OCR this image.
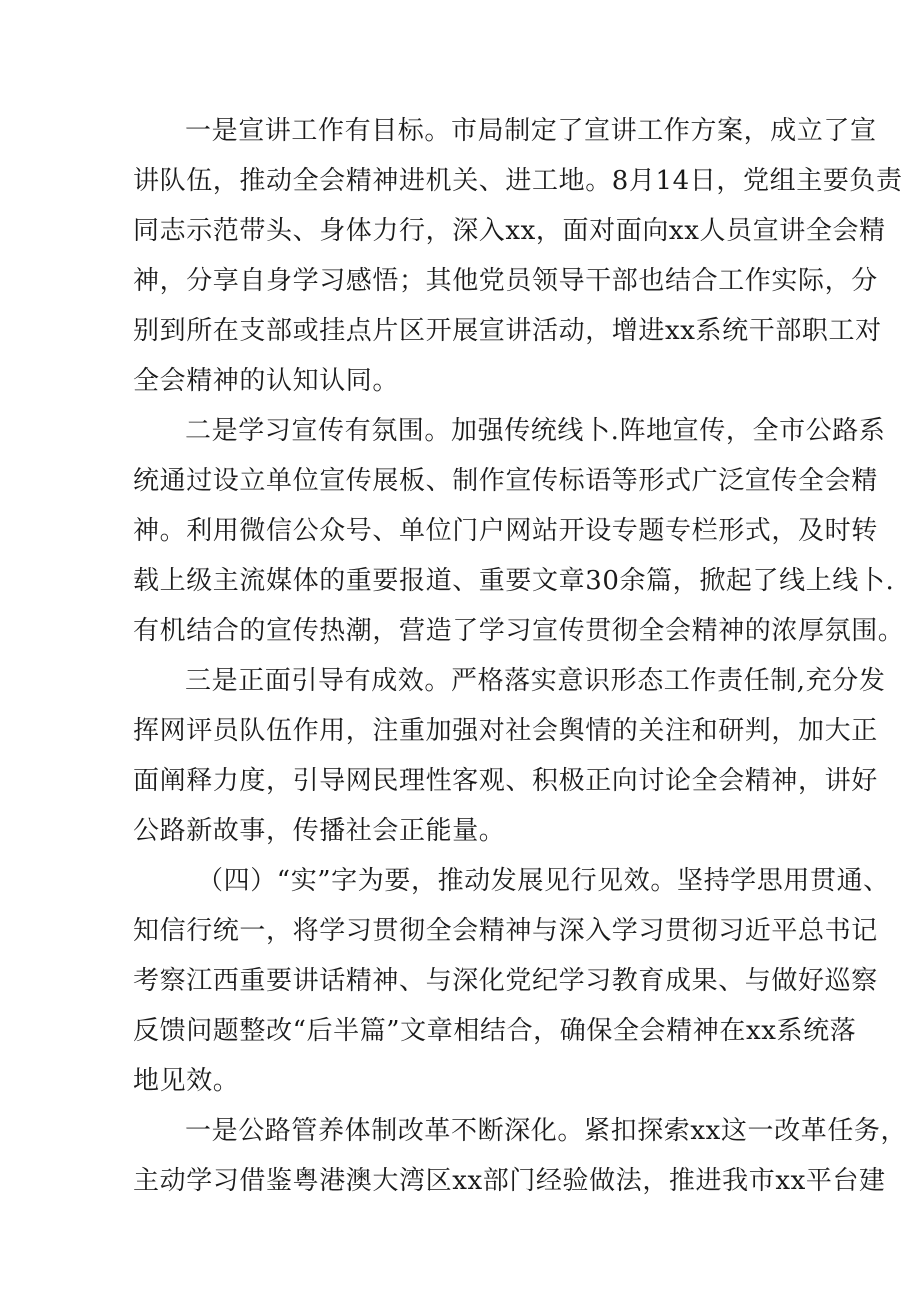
一是宣讲工作有目标。市局制定了宣讲工作方案，成立了宣

讲队伍，推动全会精神进机关、进工地。8月14日，党组主要负责

同志示范带头、身体力行，深入xx，面对面向xx人员宣讲全会精

神，分享自身学习感悟；其他党员领导干部也结合工作实际，分

别到所在支部或挂点片区开展宣讲活动，增进xx系统干部职工对

全会精神的认知认同。

二是学习宣传有氛围。加强传统线卜.阵地宣传，全市公路系

统通过设立单位宣传展板、制作宣传标语等形式广泛宣传全会精

神。利用微信公众号、单位门户网站开设专题专栏形式，及时转

载上级主流媒体的重要报道、重要文章30余篇，掀起了线上线卜.

有机结合的宣传热潮，营造了学习宣传贯彻全会精神的浓厚氛围。

三是正面引导有成效。严格落实意识形态工作责任制,充分发

挥网评员队伍作用，注重加强对社会舆情的关注和研判，加大正

面阐释力度，引导网民理性客观、积极正向讨论全会精神，讲好

公路新故事，传播社会正能量。

（四）“实”字为要，推动发展见行见效。坚持学思用贯通、

知信行统一，将学习贯彻全会精神与深入学习贯彻习近平总书记

考察江西重要讲话精神、与深化党纪学习教育成果、与做好巡察

反馈问题整改“后半篇”文章相结合，确保全会精神在xx系统落

地见效。

一是公路管养体制改革不断深化。紧扣探索xx这一改革任务，

主动学习借鉴粤港澳大湾区xx部门经验做法，推进我市xx平台建
